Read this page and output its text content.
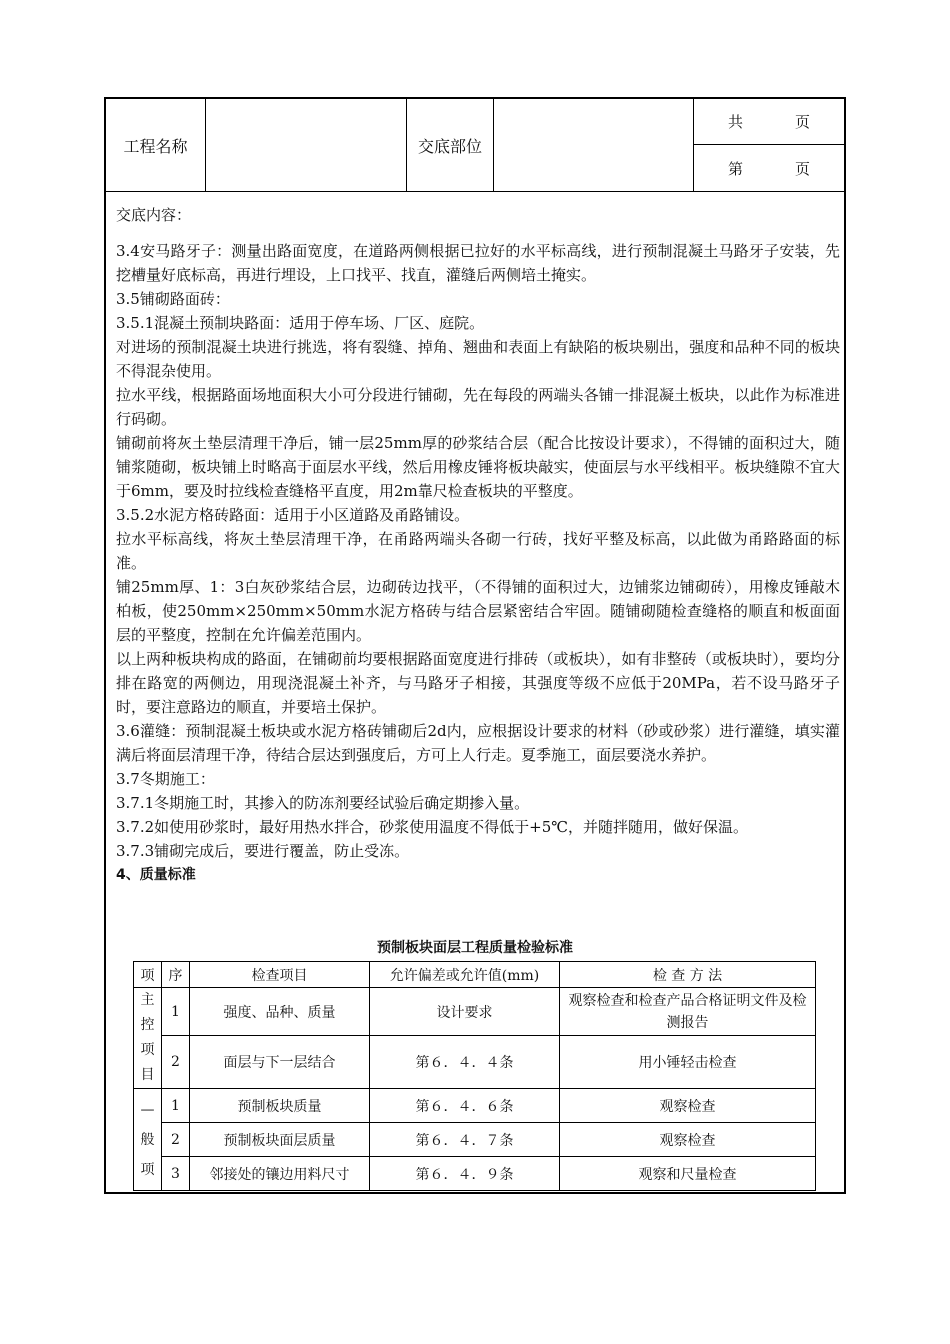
工程名称	交底部位
共	页
第	页

交底内容：

3.4安马路牙子：测量出路面宽度，在道路两侧根据已拉好的水平标高线，进行预制混凝土马路牙子安装，先挖槽量好底标高，再进行埋设，上口找平、找直，灌缝后两侧培土掩实。

3.5铺砌路面砖：

3.5.1混凝土预制块路面：适用于停车场、厂区、庭院。

对进场的预制混凝土块进行挑选，将有裂缝、掉角、翘曲和表面上有缺陷的板块剔出，强度和品种不同的板块不得混杂使用。

拉水平线，根据路面场地面积大小可分段进行铺砌，先在每段的两端头各铺一排混凝土板块，以此作为标准进行码砌。

铺砌前将灰土垫层清理干净后，铺一层25mm厚的砂浆结合层（配合比按设计要求），不得铺的面积过大，随铺浆随砌，板块铺上时略高于面层水平线，然后用橡皮锤将板块敲实，使面层与水平线相平。板块缝隙不宜大于6mm，要及时拉线检查缝格平直度，用2m靠尺检查板块的平整度。

3.5.2水泥方格砖路面：适用于小区道路及甬路铺设。

拉水平标高线，将灰土垫层清理干净，在甬路两端头各砌一行砖，找好平整及标高，以此做为甬路路面的标准。

铺25mm厚、1：3白灰砂浆结合层，边砌砖边找平，（不得铺的面积过大，边铺浆边铺砌砖），用橡皮锤敲木柏板，使250mm×250mm×50mm水泥方格砖与结合层紧密结合牢固。随铺砌随检查缝格的顺直和板面面层的平整度，控制在允许偏差范围内。

以上两种板块构成的路面，在铺砌前均要根据路面宽度进行排砖（或板块），如有非整砖（或板块时），要均分排在路宽的两侧边，用现浇混凝土补齐，与马路牙子相接，其强度等级不应低于20MPa，若不设马路牙子时，要注意路边的顺直，并要培土保护。

3.6灌缝：预制混凝土板块或水泥方格砖铺砌后2d内，应根据设计要求的材料（砂或砂浆）进行灌缝，填实灌满后将面层清理干净，待结合层达到强度后，方可上人行走。夏季施工，面层要浇水养护。

3.7冬期施工：

3.7.1冬期施工时，其掺入的防冻剂要经试验后确定期掺入量。

3.7.2如使用砂浆时，最好用热水拌合，砂浆使用温度不得低于+5℃，并随拌随用，做好保温。

3.7.3铺砌完成后，要进行覆盖，防止受冻。

4、质量标准

预制板块面层工程质量检验标准
项	序	检查项目	允许偏差或允许值(mm)	检 查 方 法

主
控
项
目	1	强度、品种、质量	设计要求	观察检查和检查产品合格证明文件及检测报告
	2	面层与下一层结合	第６．４．４条	用小锤轻击检查

—
般
项	1	预制板块质量	第６．４．６条	观察检查
	2	预制板块面层质量	第６．４．７条	观察检查
	3	邻接处的镶边用料尺寸	第６．４．９条	观察和尺量检查
